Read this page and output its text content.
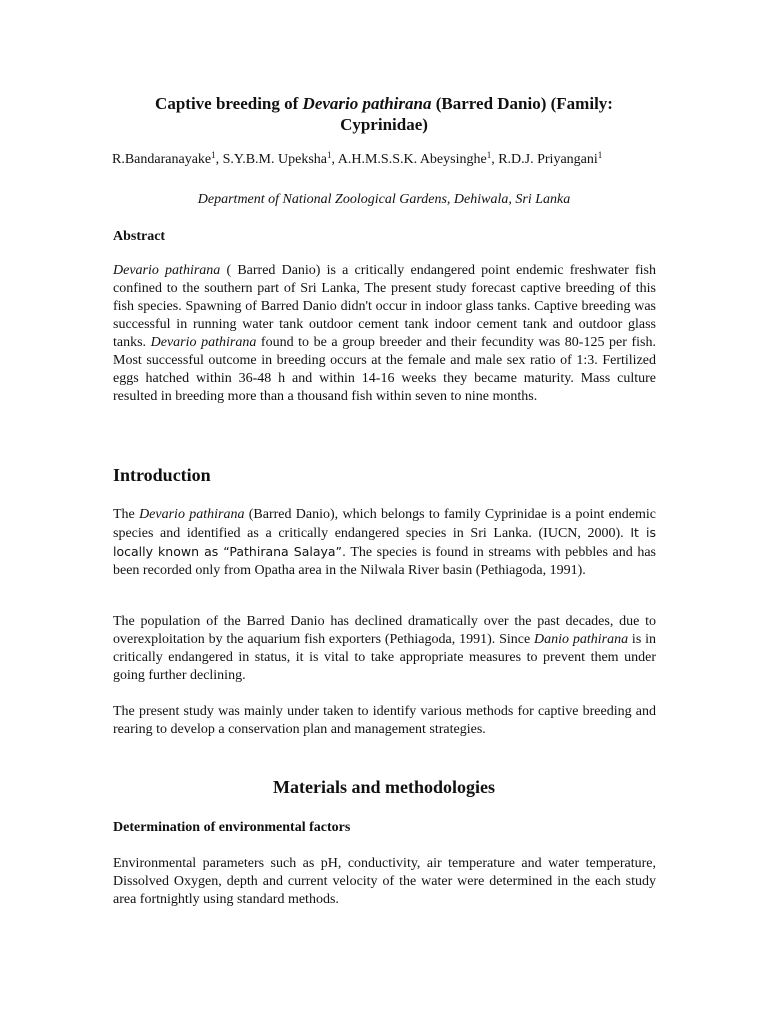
Captive breeding of Devario pathirana (Barred Danio) (Family:
Cyprinidae)

R.Bandaranayake$^1$, S.Y.B.M. Upeksha$^1$, A.H.M.S.S.K. Abeysinghe$^1$, R.D.J. Priyangani$^1$

Department of National Zoological Gardens, Dehiwala, Sri Lanka

Abstract

Devario pathirana ( Barred Danio) is a critically endangered point endemic freshwater fish confined to the southern part of Sri Lanka, The present study forecast captive breeding of this fish species. Spawning of Barred Danio didn't occur in indoor glass tanks. Captive breeding was successful in running water tank outdoor cement tank indoor cement tank and outdoor glass tanks. Devario pathirana found to be a group breeder and their fecundity was 80-125 per fish. Most successful outcome in breeding occurs at the female and male sex ratio of 1:3. Fertilized eggs hatched within 36-48 h and within 14-16 weeks they became maturity. Mass culture resulted in breeding more than a thousand fish within seven to nine months.

Introduction

The Devario pathirana (Barred Danio), which belongs to family Cyprinidae is a point endemic species and identified as a critically endangered species in Sri Lanka. (IUCN, 2000). It is locally known as “Pathirana Salaya”. The species is found in streams with pebbles and has been recorded only from Opatha area in the Nilwala River basin (Pethiagoda, 1991).

The population of the Barred Danio has declined dramatically over the past decades, due to overexploitation by the aquarium fish exporters (Pethiagoda, 1991). Since Danio pathirana is in critically endangered in status, it is vital to take appropriate measures to prevent them under going further declining.

The present study was mainly under taken to identify various methods for captive breeding and rearing to develop a conservation plan and management strategies.

Materials and methodologies
Determination of environmental factors

Environmental parameters such as pH, conductivity, air temperature and water temperature, Dissolved Oxygen, depth and current velocity of the water were determined in the each study area fortnightly using standard methods.
